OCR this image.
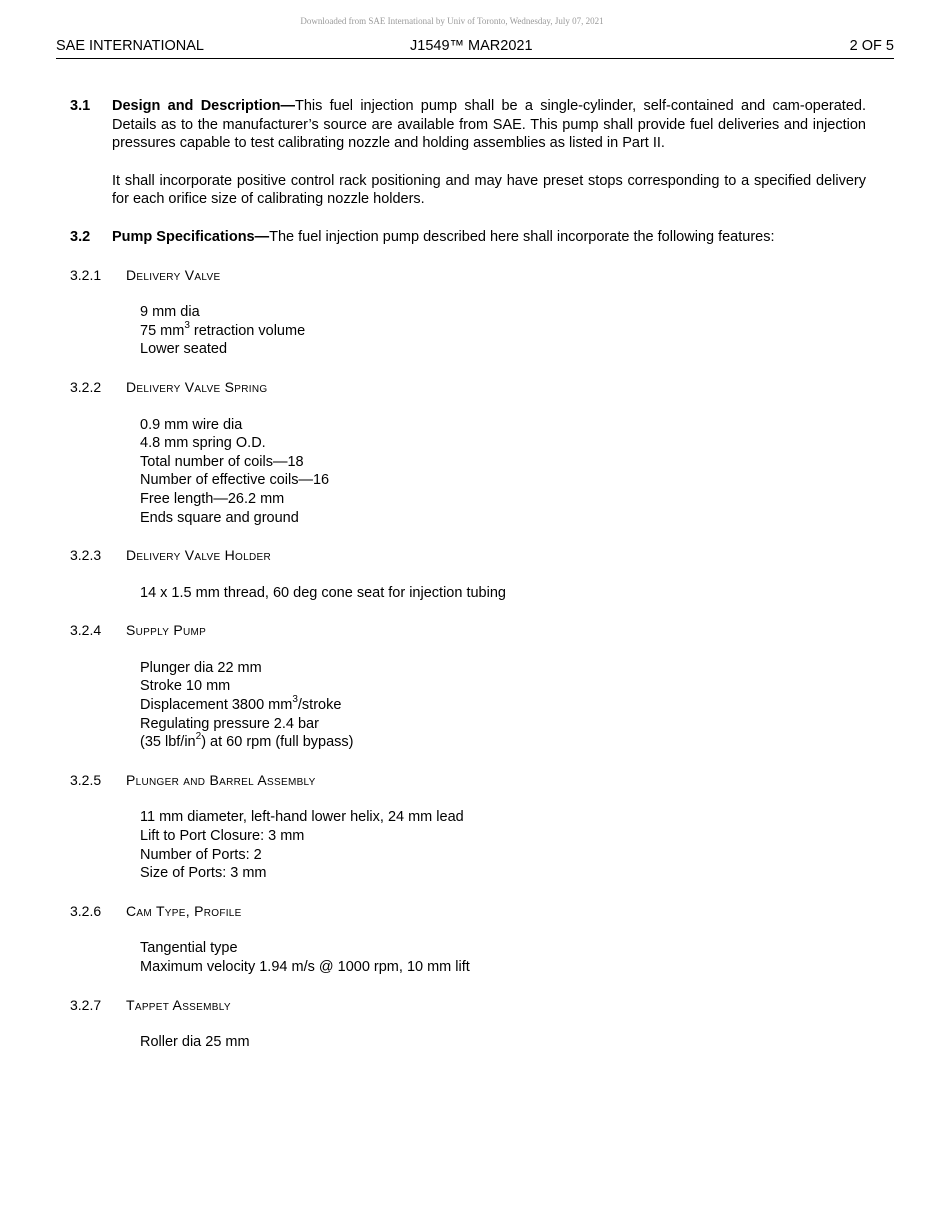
Downloaded from SAE International by Univ of Toronto, Wednesday, July 07, 2021
SAE INTERNATIONAL	J1549™ MAR2021	2 OF 5
3.1 Design and Description—This fuel injection pump shall be a single-cylinder, self-contained and cam-operated. Details as to the manufacturer’s source are available from SAE. This pump shall provide fuel deliveries and injection pressures capable to test calibrating nozzle and holding assemblies as listed in Part II.
It shall incorporate positive control rack positioning and may have preset stops corresponding to a specified delivery for each orifice size of calibrating nozzle holders.
3.2 Pump Specifications—The fuel injection pump described here shall incorporate the following features:
3.2.1 Delivery Valve
9 mm dia
75 $mm^3$ retraction volume
Lower seated
3.2.2 Delivery Valve Spring
0.9 mm wire dia
4.8 mm spring O.D.
Total number of coils—18
Number of effective coils—16
Free length—26.2 mm
Ends square and ground
3.2.3 Delivery Valve Holder
14 x 1.5 mm thread, 60 deg cone seat for injection tubing
3.2.4 Supply Pump
Plunger dia 22 mm
Stroke 10 mm
Displacement 3800 $mm^3$/stroke
Regulating pressure 2.4 bar
(35 lbf/$in^2$) at 60 rpm (full bypass)
3.2.5 Plunger and Barrel Assembly
11 mm diameter, left-hand lower helix, 24 mm lead
Lift to Port Closure: 3 mm
Number of Ports: 2
Size of Ports: 3 mm
3.2.6 Cam Type, Profile
Tangential type
Maximum velocity 1.94 m/s @ 1000 rpm, 10 mm lift
3.2.7 Tappet Assembly
Roller dia 25 mm
